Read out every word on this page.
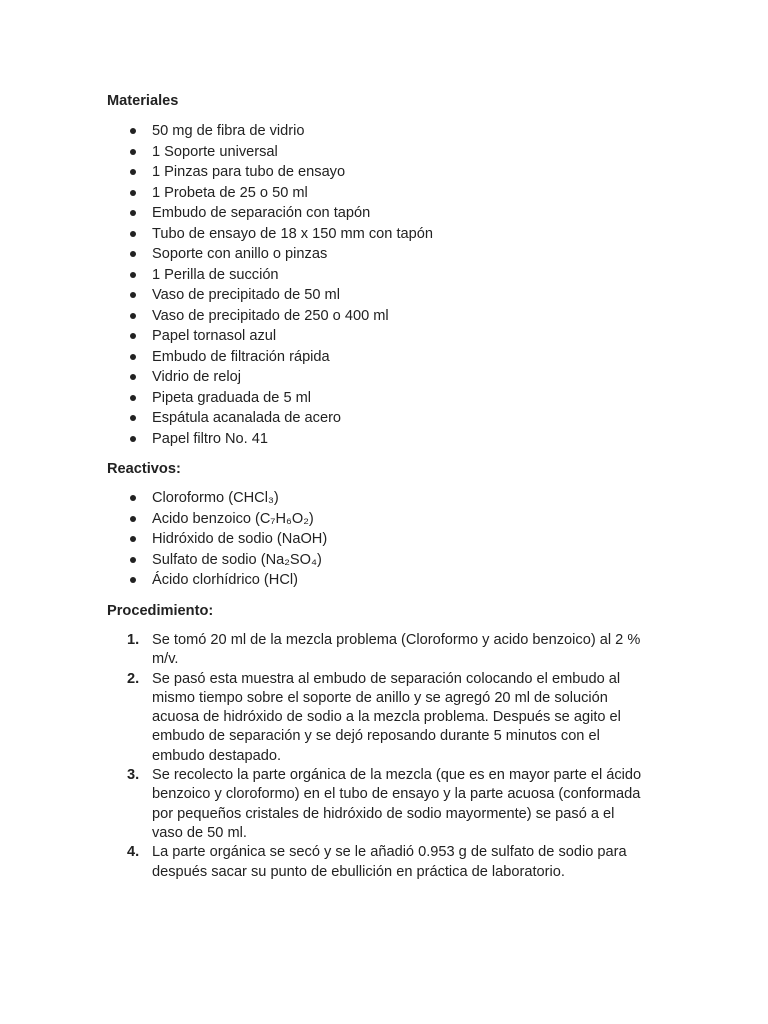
Materiales
50 mg de fibra de vidrio
1 Soporte universal
1 Pinzas para tubo de ensayo
1 Probeta de 25 o 50 ml
Embudo de separación con tapón
Tubo de ensayo de 18 x 150 mm con tapón
Soporte con anillo o pinzas
1 Perilla de succión
Vaso de precipitado de 50 ml
Vaso de precipitado de 250 o 400 ml
Papel tornasol azul
Embudo de filtración rápida
Vidrio de reloj
Pipeta graduada de 5 ml
Espátula acanalada de acero
Papel filtro No. 41
Reactivos:
Cloroformo (CHCl₃)
Acido benzoico (C₇H₆O₂)
Hidróxido de sodio (NaOH)
Sulfato de sodio (Na₂SO₄)
Ácido clorhídrico (HCl)
Procedimiento:
1. Se tomó 20 ml de la mezcla problema (Cloroformo y acido benzoico) al 2 %
m/v.
2. Se pasó esta muestra al embudo de separación colocando el embudo al
mismo tiempo sobre el soporte de anillo y se agregó 20 ml de solución
acuosa de hidróxido de sodio a la mezcla problema. Después se agito el
embudo de separación y se dejó reposando durante 5 minutos con el
embudo destapado.
3. Se recolecto la parte orgánica de la mezcla (que es en mayor parte el ácido
benzoico y cloroformo) en el tubo de ensayo y la parte acuosa (conformada
por pequeños cristales de hidróxido de sodio mayormente) se pasó a el
vaso de 50 ml.
4. La parte orgánica se secó y se le añadió 0.953 g de sulfato de sodio para
después sacar su punto de ebullición en práctica de laboratorio.
